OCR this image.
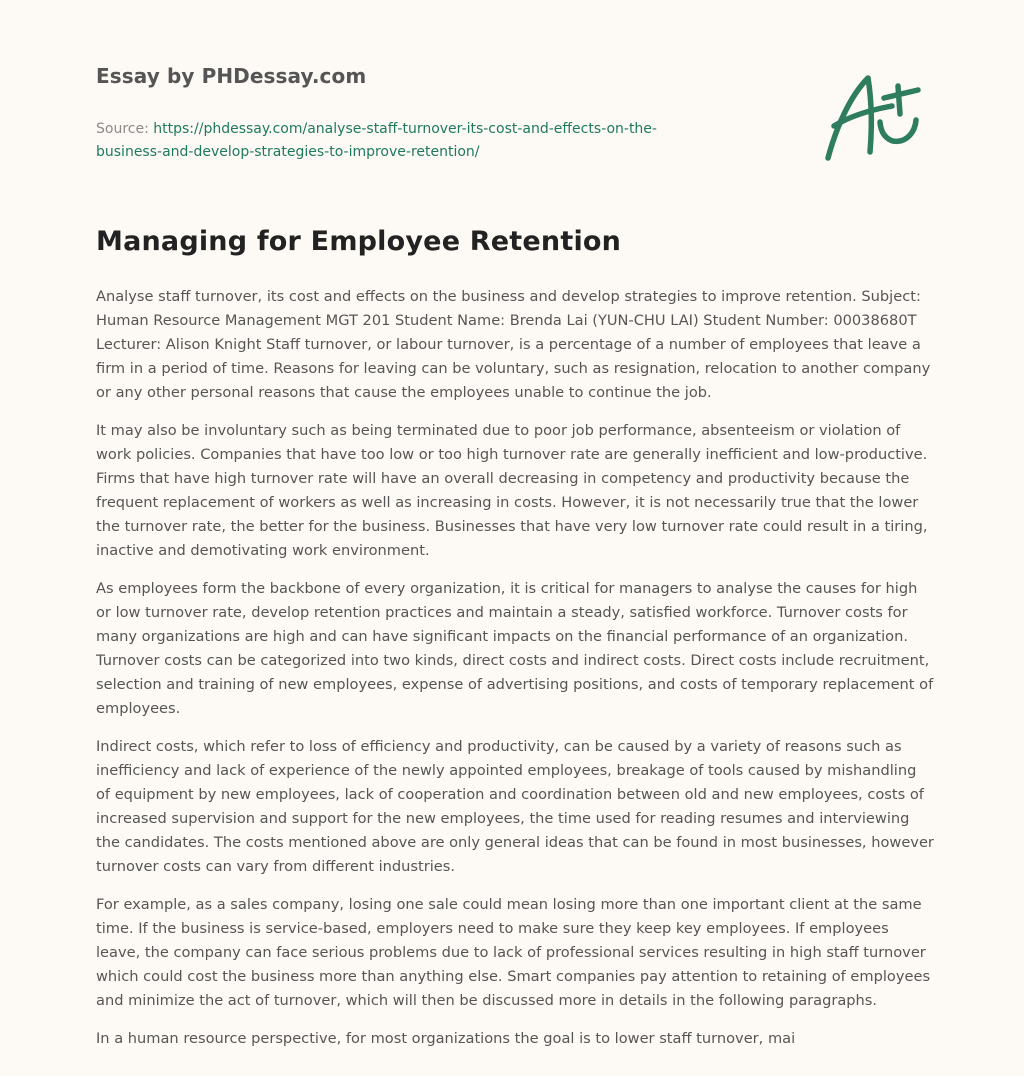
Essay by PHDessay.com
Source: https://phdessay.com/analyse-staff-turnover-its-cost-and-effects-on-the-
business-and-develop-strategies-to-improve-retention/
Managing for Employee Retention

Analyse staff turnover, its cost and effects on the business and develop strategies to improve retention. Subject: Human Resource Management MGT 201 Student Name: Brenda Lai (YUN-CHU LAI) Student Number: 00038680T Lecturer: Alison Knight Staff turnover, or labour turnover, is a percentage of a number of employees that leave a firm in a period of time. Reasons for leaving can be voluntary, such as resignation, relocation to another company or any other personal reasons that cause the employees unable to continue the job.

It may also be involuntary such as being terminated due to poor job performance, absenteeism or violation of work policies. Companies that have too low or too high turnover rate are generally inefficient and low-productive. Firms that have high turnover rate will have an overall decreasing in competency and productivity because the frequent replacement of workers as well as increasing in costs. However, it is not necessarily true that the lower the turnover rate, the better for the business. Businesses that have very low turnover rate could result in a tiring, inactive and demotivating work environment.

As employees form the backbone of every organization, it is critical for managers to analyse the causes for high or low turnover rate, develop retention practices and maintain a steady, satisfied workforce. Turnover costs for many organizations are high and can have significant impacts on the financial performance of an organization. Turnover costs can be categorized into two kinds, direct costs and indirect costs. Direct costs include recruitment, selection and training of new employees, expense of advertising positions, and costs of temporary replacement of employees.

Indirect costs, which refer to loss of efficiency and productivity, can be caused by a variety of reasons such as inefficiency and lack of experience of the newly appointed employees, breakage of tools caused by mishandling of equipment by new employees, lack of cooperation and coordination between old and new employees, costs of increased supervision and support for the new employees, the time used for reading resumes and interviewing the candidates. The costs mentioned above are only general ideas that can be found in most businesses, however turnover costs can vary from different industries.

For example, as a sales company, losing one sale could mean losing more than one important client at the same time. If the business is service-based, employers need to make sure they keep key employees. If employees leave, the company can face serious problems due to lack of professional services resulting in high staff turnover which could cost the business more than anything else. Smart companies pay attention to retaining of employees and minimize the act of turnover, which will then be discussed more in details in the following paragraphs.

In a human resource perspective, for most organizations the goal is to lower staff turnover, mai
